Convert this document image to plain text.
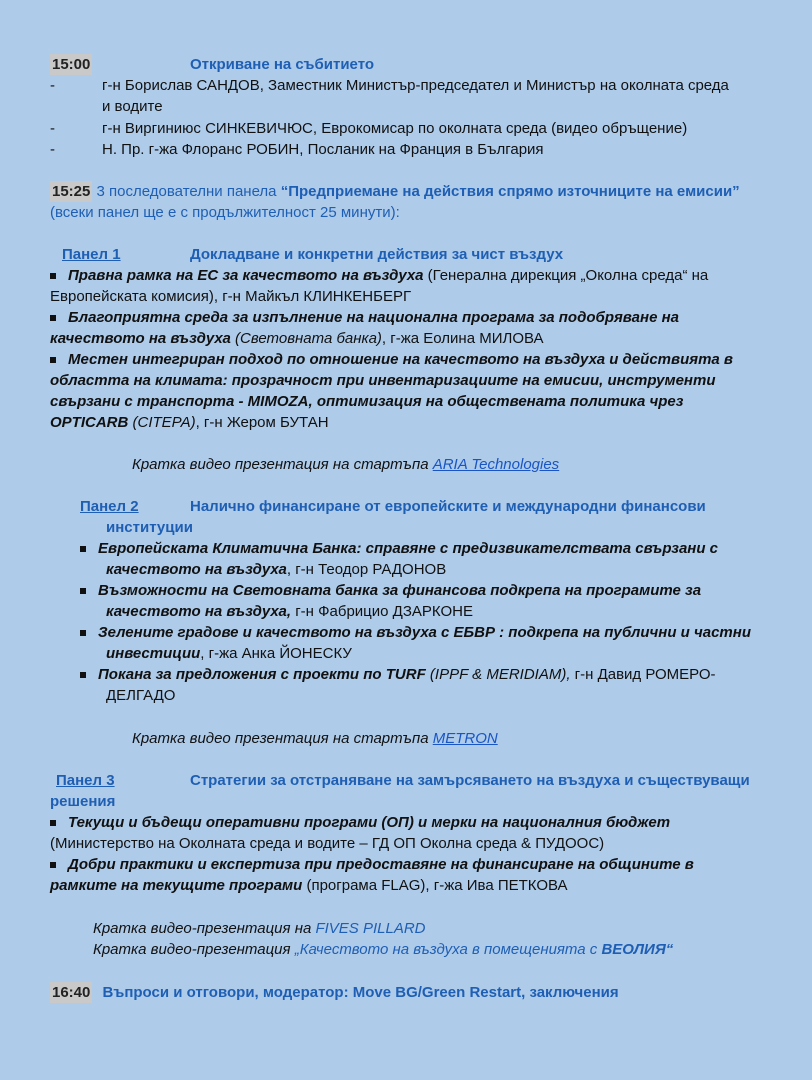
15:00	Откриване на събитието
-	г-н Борислав САНДОВ, Заместник Министър-председател и Министър на околната среда
и водите
-	г-н Виргиниюс СИНКЕВИЧЮС, Еврокомисар по околната среда (видео обръщение)
-	Н. Пр. г-жа Флоранс РОБИН, Посланик на Франция в България
15:25 3 последователни панела “Предприемане на действия спрямо източниците на емисии”
(всеки панел ще е с продължителност 25 минути):
Панел 1	Докладване и конкретни действия за чист въздух
Правна рамка на ЕС за качеството на въздуха (Генерална дирекция „Околна среда“ на
Европейската комисия), г-н Майкъл КЛИНКЕНБЕРГ
Благоприятна среда за изпълнение на национална програма за подобряване на
качеството на въздуха (Световната банка), г-жа Еолина МИЛОВА
Местен интегриран подход по отношение на качеството на въздуха и действията в
областта на климата: прозрачност при инвентаризациите на емисии, инструменти
свързани с транспорта - MIMOZA, оптимизация на обществената политика чрез
OPTICARB (CITEPA), г-н Жером БУТАН
Кратка видео презентация на стартъпа ARIA Technologies
Панел 2	Налично финансиране от европейските и международни финансови
институции
Европейската Климатична Банка: справяне с предизвикателствата свързани с
качеството на въздуха, г-н Теодор РАДОНОВ
Възможности на Световната банка за финансова подкрепа на програмите за
качеството на въздуха, г-н Фабрицио ДЗАРКОНЕ
Зелените градове и качеството на въздуха с ЕБВР : подкрепа на публични и частни
инвестиции, г-жа Анка ЙОНЕСКУ
Покана за предложения с проекти по TURF (IPPF & MERIDIAM), г-н Давид РОМЕРО-
ДЕЛГАДО
Кратка видео презентация на стартъпа METRON
Панел 3	Стратегии за отстраняване на замърсяването на въздуха и съществуващи
решения
Текущи и бъдещи оперативни програми (ОП) и мерки на националния бюджет
(Министерство на Околната среда и водите – ГД ОП Околна среда & ПУДООС)
Добри практики и експертиза при предоставяне на финансиране на общините в
рамките на текущите програми (програма FLAG), г-жа Ива ПЕТКОВА
Кратка видео-презентация на FIVES PILLARD
Кратка видео-презентация „Качеството на въздуха в помещенията с ВЕОЛИЯ“
16:40 Въпроси и отговори, модератор: Move BG/Green Restart, заключения
